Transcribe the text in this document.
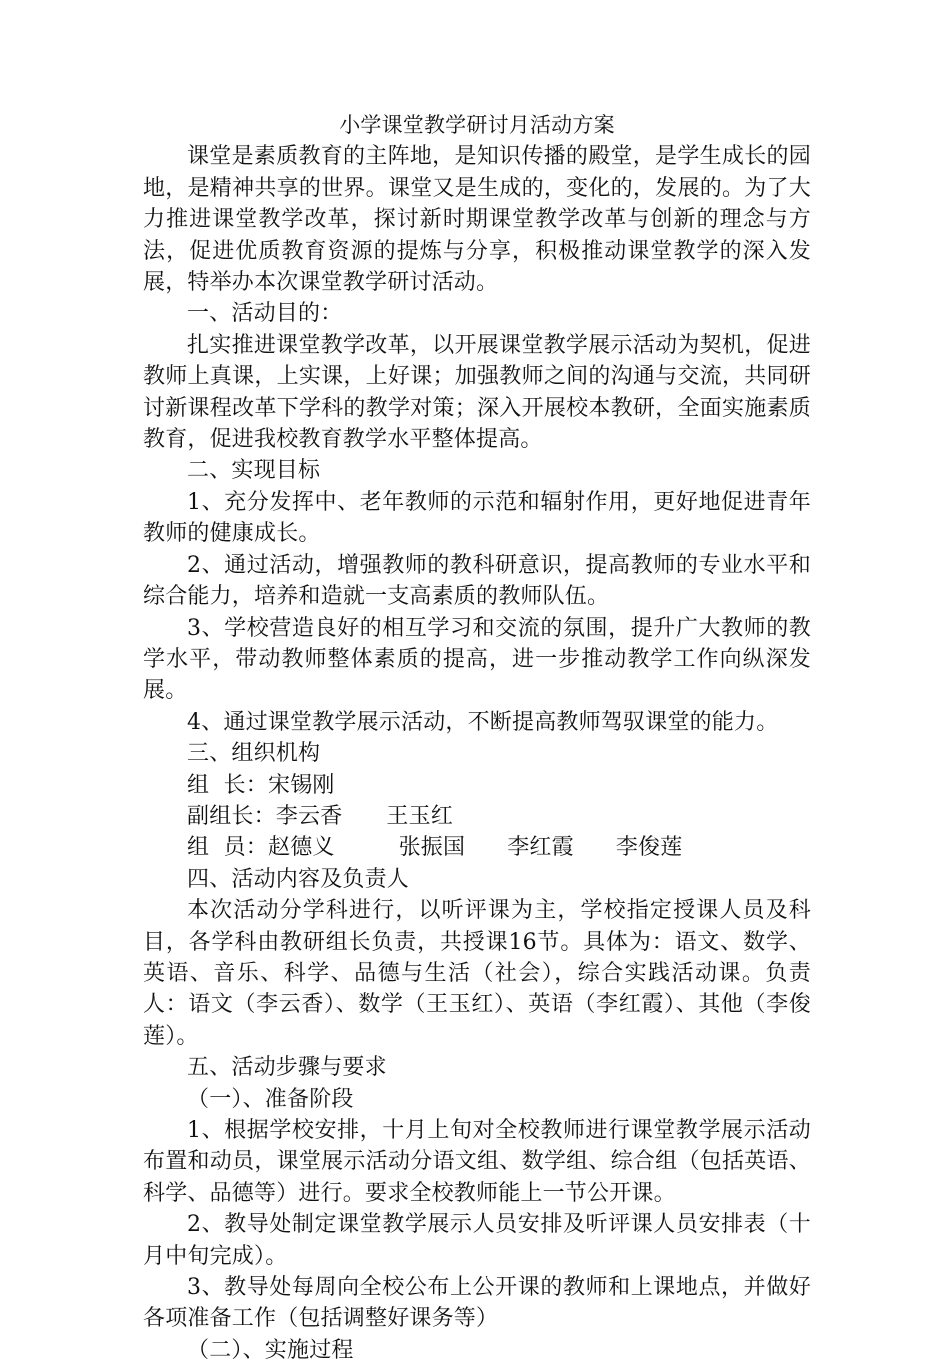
小学课堂教学研讨月活动方案

课堂是素质教育的主阵地，是知识传播的殿堂，是学生成长的园地，是精神共享的世界。课堂又是生成的，变化的，发展的。为了大力推进课堂教学改革，探讨新时期课堂教学改革与创新的理念与方法，促进优质教育资源的提炼与分享，积极推动课堂教学的深入发展，特举办本次课堂教学研讨活动。

一、活动目的：

扎实推进课堂教学改革，以开展课堂教学展示活动为契机，促进教师上真课，上实课，上好课；加强教师之间的沟通与交流，共同研讨新课程改革下学科的教学对策；深入开展校本教研，全面实施素质教育，促进我校教育教学水平整体提高。

二、实现目标

1、充分发挥中、老年教师的示范和辐射作用，更好地促进青年教师的健康成长。

2、通过活动，增强教师的教科研意识，提高教师的专业水平和综合能力，培养和造就一支高素质的教师队伍。

3、学校营造良好的相互学习和交流的氛围，提升广大教师的教学水平，带动教师整体素质的提高，进一步推动教学工作向纵深发展。

4、通过课堂教学展示活动，不断提高教师驾驭课堂的能力。

三、组织机构

组  长：宋锡刚

副组长：李云香 王玉红

组  员：赵德义	张振国 李红霞 李俊莲

四、活动内容及负责人

本次活动分学科进行，以听评课为主，学校指定授课人员及科目，各学科由教研组长负责，共授课16节。具体为：语文、数学、英语、音乐、科学、品德与生活（社会），综合实践活动课。负责人：语文（李云香）、数学（王玉红）、英语（李红霞）、其他（李俊莲）。

五、活动步骤与要求

（一）、准备阶段

1、根据学校安排，十月上旬对全校教师进行课堂教学展示活动布置和动员，课堂展示活动分语文组、数学组、综合组（包括英语、科学、品德等）进行。要求全校教师能上一节公开课。

2、教导处制定课堂教学展示人员安排及听评课人员安排表（十月中旬完成）。

3、教导处每周向全校公布上公开课的教师和上课地点，并做好各项准备工作（包括调整好课务等）

（二）、实施过程
